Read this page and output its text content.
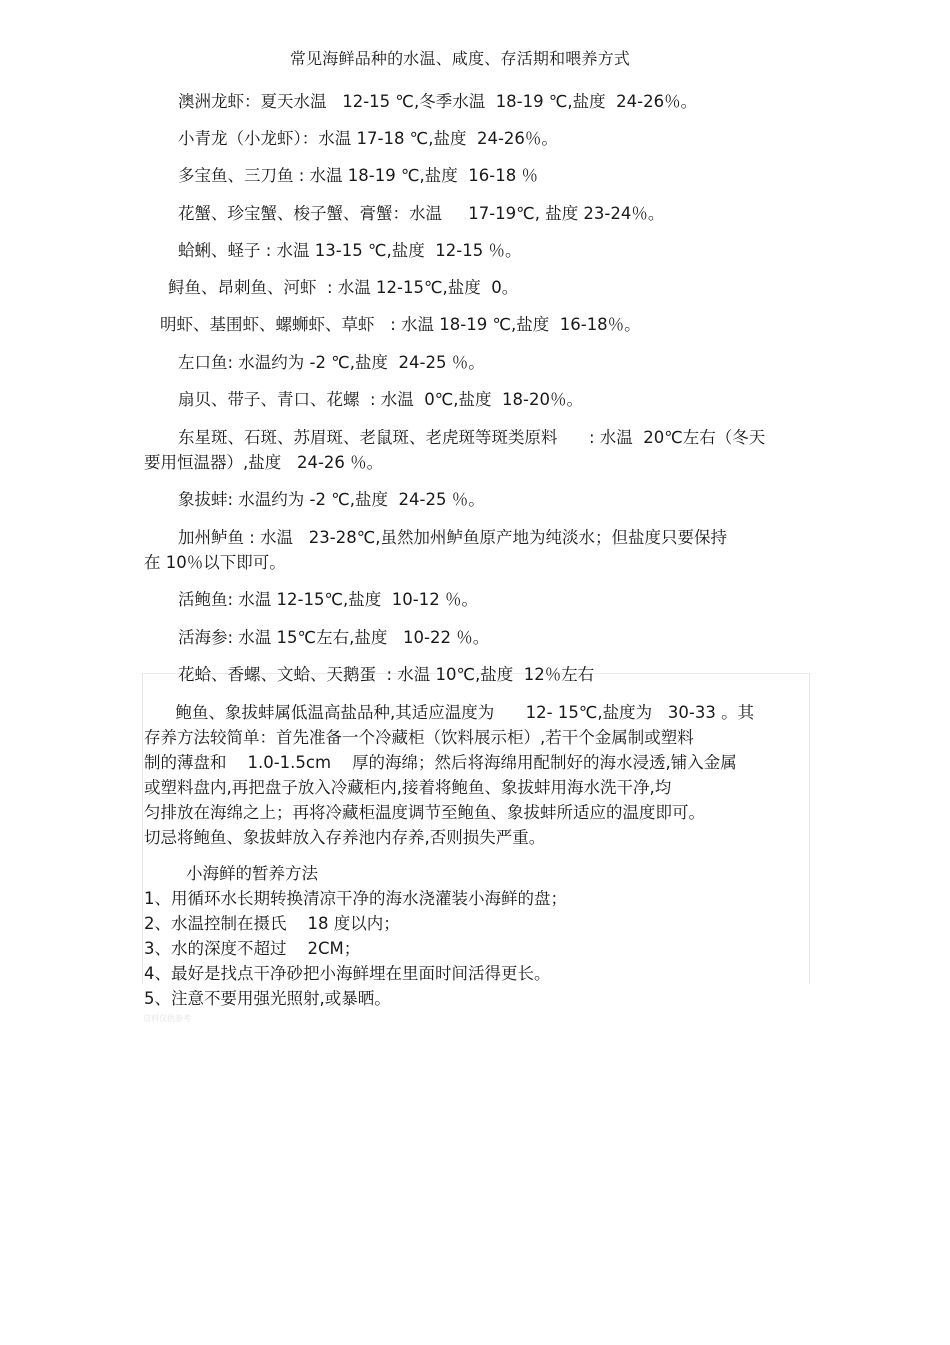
常见海鲜品种的水温、咸度、存活期和喂养方式
澳洲龙虾：夏天水温   12-15 ℃,冬季水温  18-19 ℃,盐度  24-26％。
小青龙（小龙虾）：水温 17-18 ℃,盐度  24-26％。
多宝鱼、三刀鱼 : 水温 18-19 ℃,盐度  16-18 ％
花蟹、珍宝蟹、梭子蟹、膏蟹：水温     17-19℃, 盐度 23-24％。
蛤蜊、蛏子 : 水温 13-15 ℃,盐度  12-15 ％。
鲟鱼、昂刺鱼、河虾  : 水温 12-15℃,盐度  0。
明虾、基围虾、螺蛳虾、草虾   : 水温 18-19 ℃,盐度  16-18％。
左口鱼: 水温约为 -2 ℃,盐度  24-25 ％。
扇贝、带子、青口、花螺  : 水温  0℃,盐度  18-20％。
东星斑、石斑、苏眉斑、老鼠斑、老虎斑等斑类原料      : 水温  20℃左右（冬天
要用恒温器）,盐度   24-26 ％。
象拔蚌: 水温约为 -2 ℃,盐度  24-25 ％。
加州鲈鱼 : 水温   23-28℃,虽然加州鲈鱼原产地为纯淡水；但盐度只要保持
在 10％以下即可。
活鲍鱼: 水温 12-15℃,盐度  10-12 ％。
活海参: 水温 15℃左右,盐度   10-22 ％。
花蛤、香螺、文蛤、天鹅蛋  : 水温 10℃,盐度  12％左右

鲍鱼、象拔蚌属低温高盐品种,其适应温度为      12- 15℃,盐度为   30-33 。其

存养方法较简单：首先准备一个冷藏柜（饮料展示柜）,若干个金属制或塑料

制的薄盘和    1.0-1.5cm    厚的海绵；然后将海绵用配制好的海水浸透,铺入金属

或塑料盘内,再把盘子放入冷藏柜内,接着将鲍鱼、象拔蚌用海水洗干净,均

匀排放在海绵之上；再将冷藏柜温度调节至鲍鱼、象拔蚌所适应的温度即可。

切忌将鲍鱼、象拔蚌放入存养池内存养,否则损失严重。

小海鲜的暂养方法

1、用循环水长期转换清凉干净的海水浇灌装小海鲜的盘；

2、水温控制在摄氏    18 度以内；

3、水的深度不超过    2CM；

4、最好是找点干净砂把小海鲜埋在里面时间活得更长。

5、注意不要用强光照射,或暴晒。

资料仅供参考
